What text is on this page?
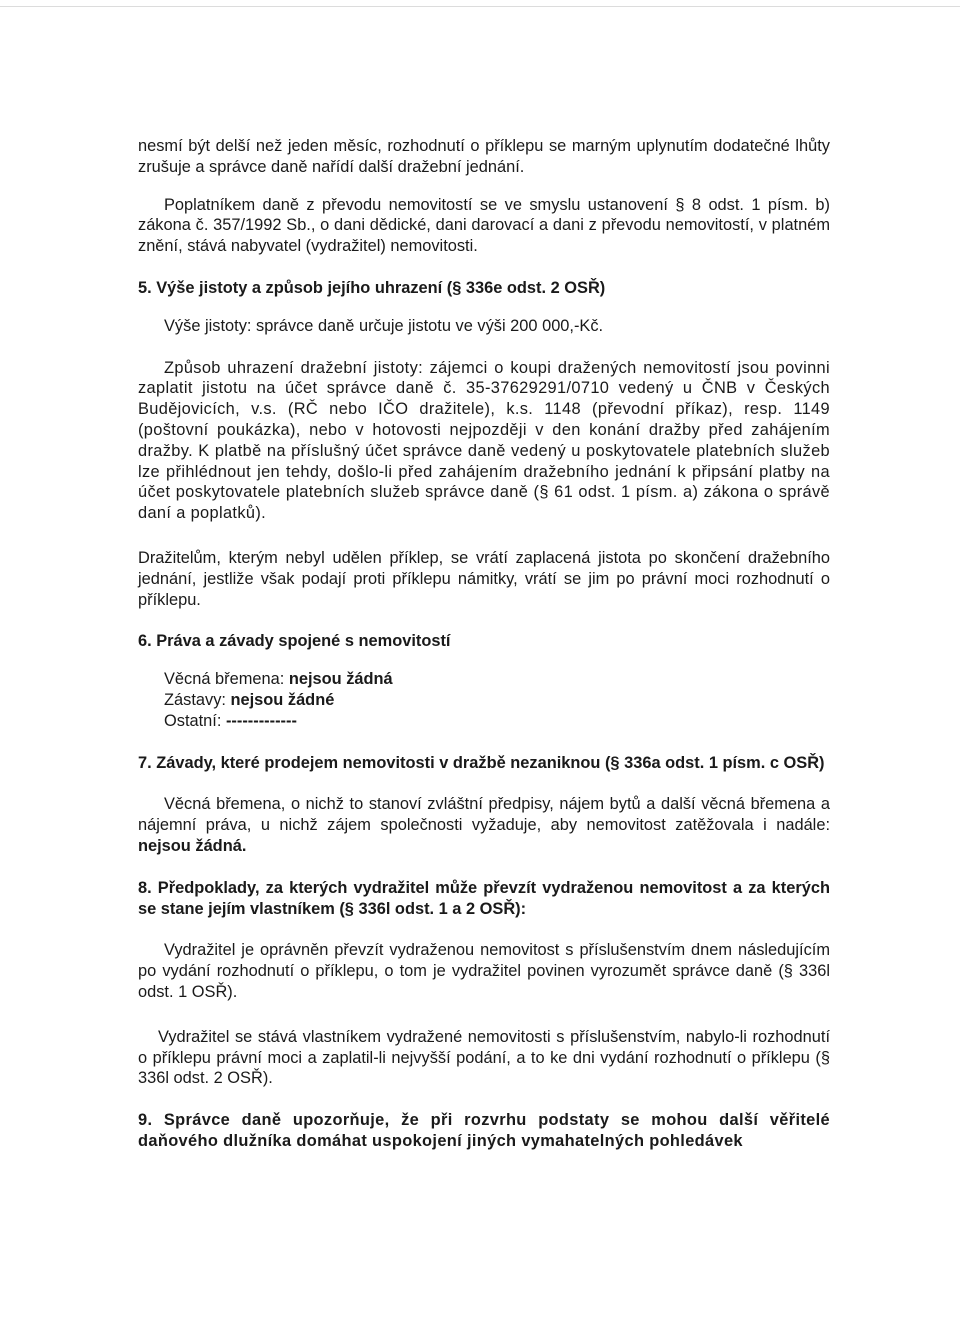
nesmí být delší než jeden měsíc, rozhodnutí o příklepu se marným uplynutím dodatečné lhůty zrušuje a správce daně nařídí další dražební jednání.

Poplatníkem daně z převodu nemovitostí se ve smyslu ustanovení § 8 odst. 1 písm. b) zákona č. 357/1992 Sb., o dani dědické, dani darovací a dani z převodu nemovitostí, v platném znění, stává nabyvatel (vydražitel) nemovitosti.

5. Výše jistoty a způsob jejího uhrazení (§ 336e odst. 2 OSŘ)

Výše jistoty: správce daně určuje jistotu ve výši 200 000,-Kč.

Způsob uhrazení dražební jistoty: zájemci o koupi dražených nemovitostí jsou povinni zaplatit jistotu na účet správce daně č. 35-37629291/0710 vedený u ČNB v Českých Budějovicích, v.s. (RČ nebo IČO dražitele), k.s. 1148 (převodní příkaz), resp. 1149 (poštovní poukázka), nebo v hotovosti nejpozději v den konání dražby před zahájením dražby. K platbě na příslušný účet správce daně vedený u poskytovatele platebních služeb lze přihlédnout jen tehdy, došlo-li před zahájením dražebního jednání k připsání platby na účet poskytovatele platebních služeb správce daně (§ 61 odst. 1 písm. a) zákona o správě daní a poplatků).

Dražitelům, kterým nebyl udělen příklep, se vrátí zaplacená jistota po skončení dražebního jednání, jestliže však podají proti příklepu námitky, vrátí se jim po právní moci rozhodnutí o příklepu.

6. Práva a závady spojené s nemovitostí

Věcná břemena: nejsou žádná

Zástavy: nejsou žádné

Ostatní: -------------

7. Závady, které prodejem nemovitosti v dražbě nezaniknou (§ 336a odst. 1 písm. c OSŘ)

Věcná břemena, o nichž to stanoví zvláštní předpisy, nájem bytů a další věcná břemena a nájemní práva, u nichž zájem společnosti vyžaduje, aby nemovitost zatěžovala i nadále: nejsou žádná.

8. Předpoklady, za kterých vydražitel může převzít vydraženou nemovitost a za kterých se stane jejím vlastníkem (§ 336l odst. 1 a 2 OSŘ):

Vydražitel je oprávněn převzít vydraženou nemovitost s příslušenstvím dnem následujícím po vydání rozhodnutí o příklepu, o tom je vydražitel povinen vyrozumět správce daně (§ 336l odst. 1 OSŘ).

Vydražitel se stává vlastníkem vydražené nemovitosti s příslušenstvím, nabylo-li rozhodnutí o příklepu právní moci a zaplatil-li nejvyšší podání, a to ke dni vydání rozhodnutí o příklepu (§ 336l odst. 2 OSŘ).

9. Správce daně upozorňuje, že při rozvrhu podstaty se mohou další věřitelé daňového dlužníka domáhat uspokojení jiných vymahatelných pohledávek
